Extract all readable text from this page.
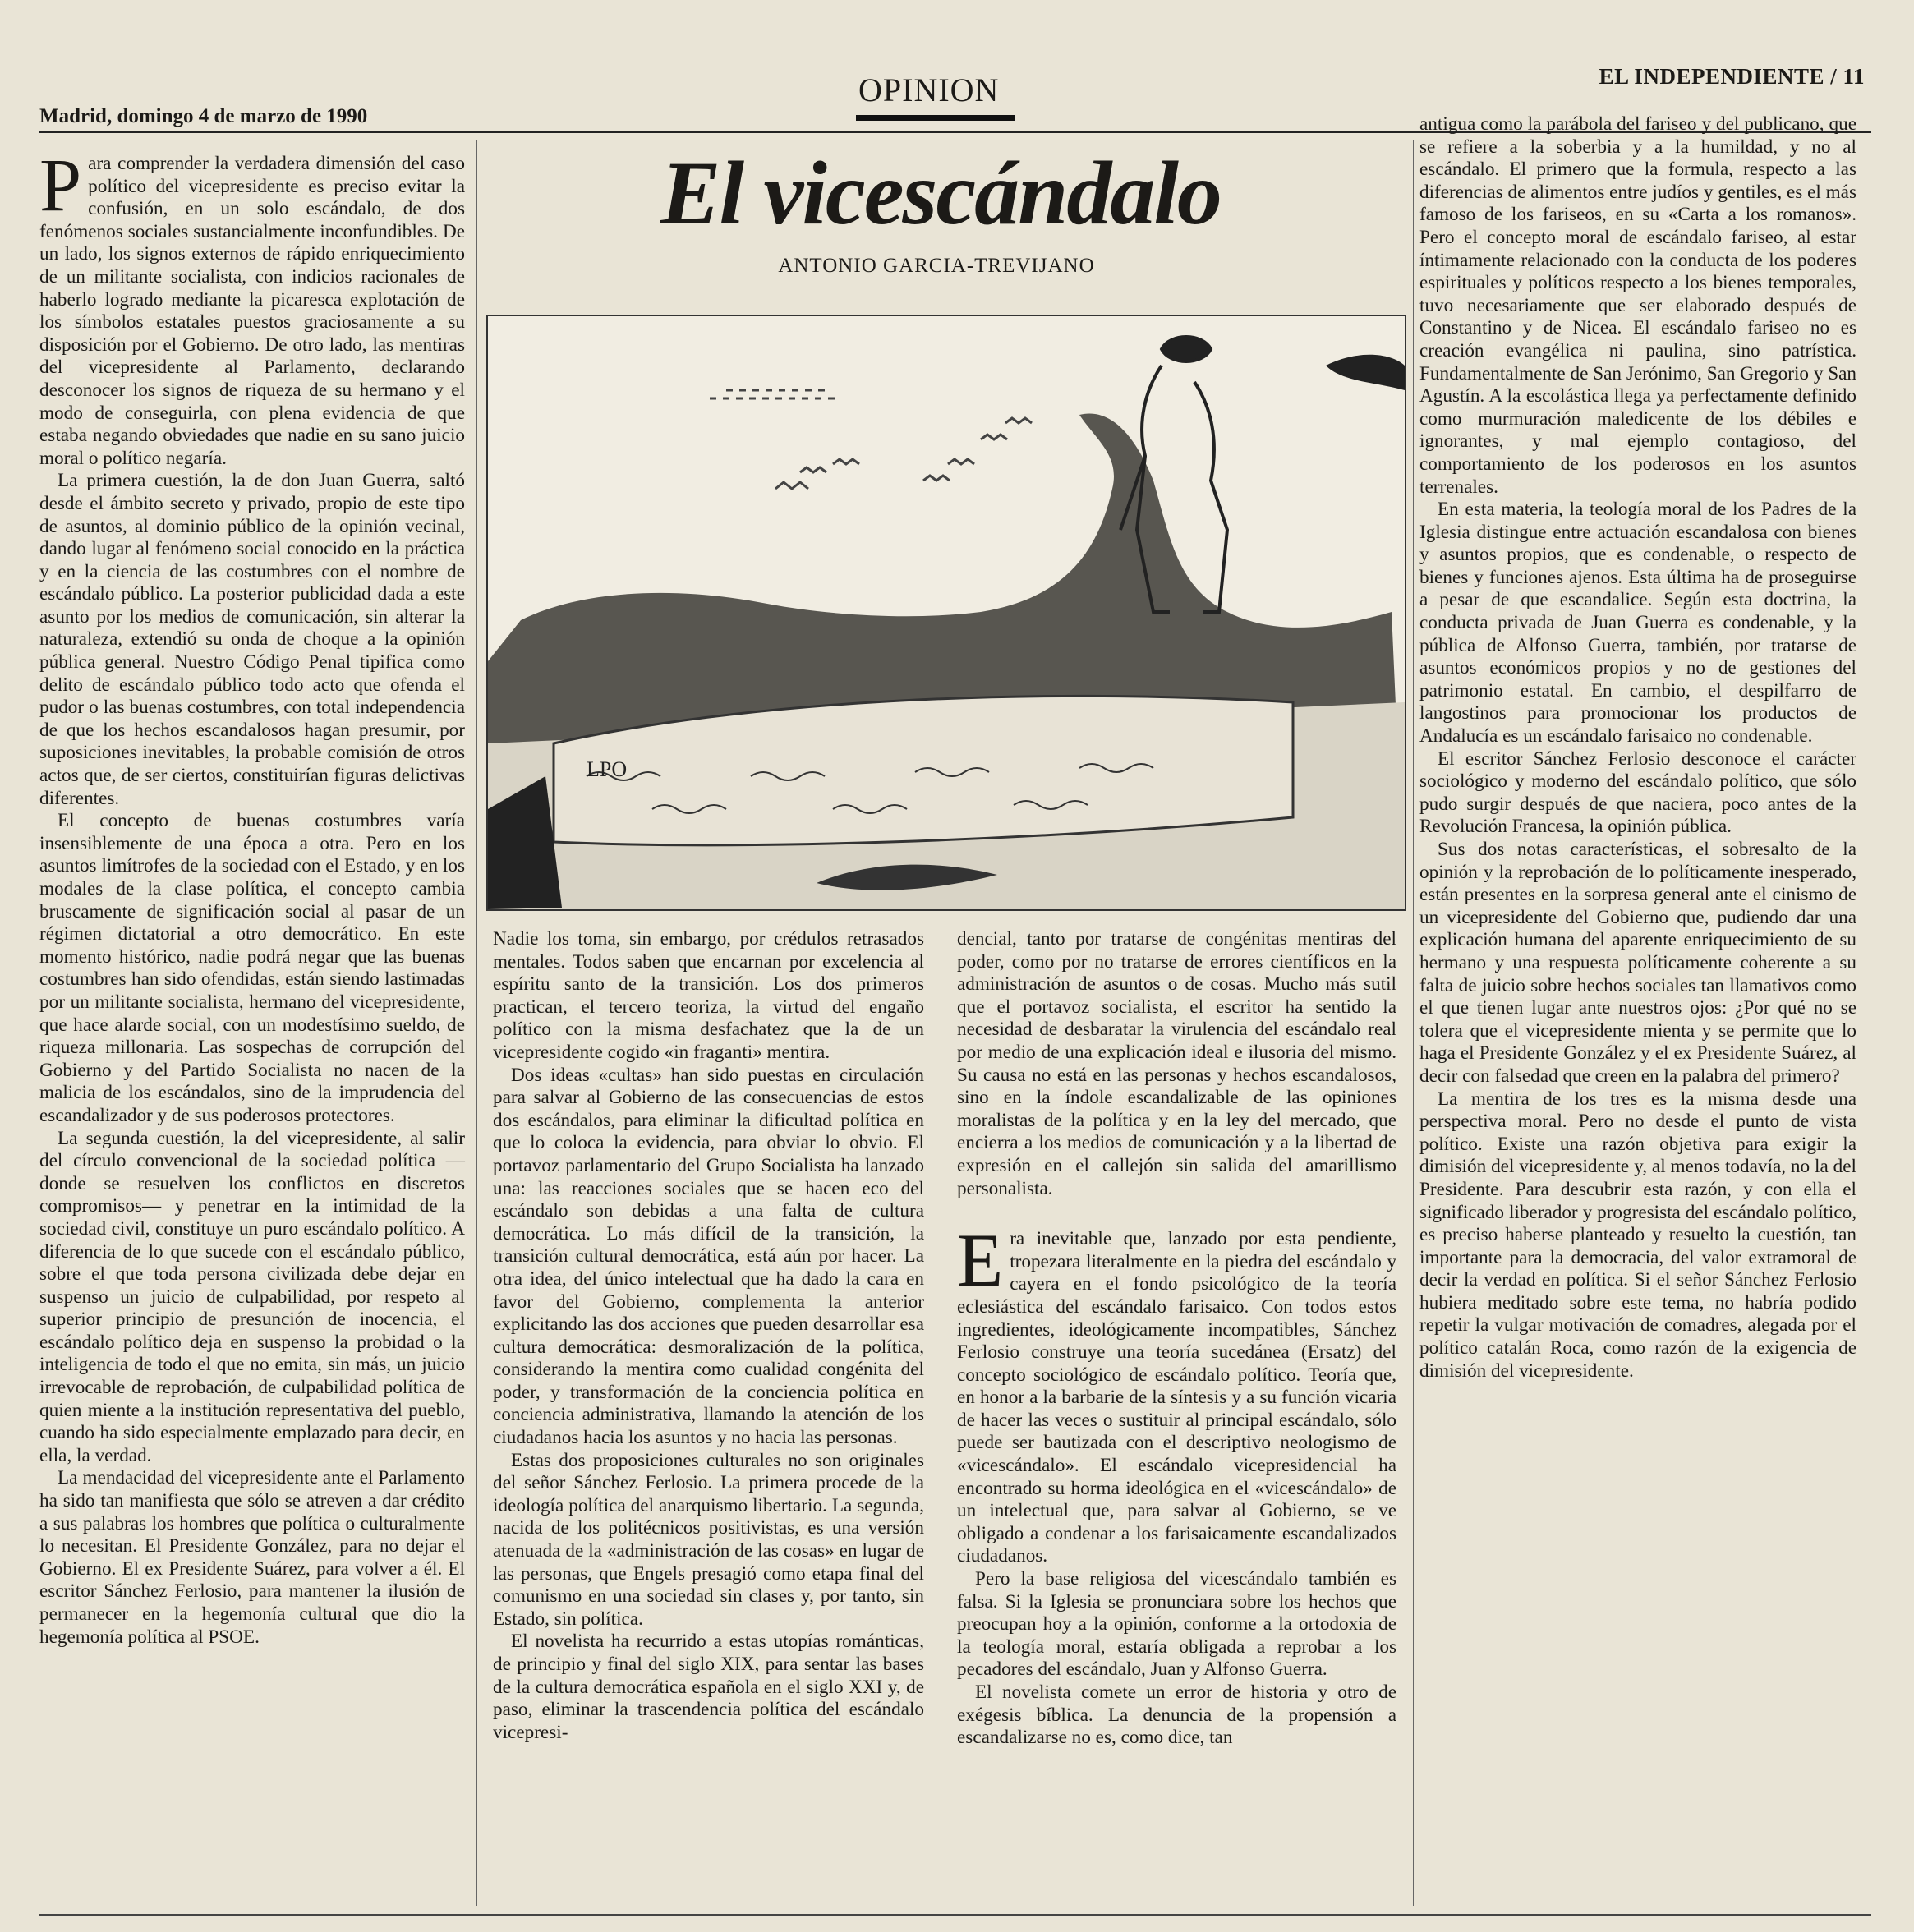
Madrid, domingo 4 de marzo de 1990
OPINION	EL INDEPENDIENTE / 11
El vicescándalo
ANTONIO GARCIA-TREVIJANO
LPO

Para comprender la verdadera dimensión del caso político del vicepresidente es preciso evitar la confusión, en un solo escándalo, de dos fenómenos sociales sustancialmente inconfundibles. De un lado, los signos externos de rápido enriquecimiento de un militante socialista, con indicios racionales de haberlo logrado mediante la picaresca explotación de los símbolos estatales puestos graciosamente a su disposición por el Gobierno. De otro lado, las mentiras del vicepresidente al Parlamento, declarando desconocer los signos de riqueza de su hermano y el modo de conseguirla, con plena evidencia de que estaba negando obviedades que nadie en su sano juicio moral o político negaría.

La primera cuestión, la de don Juan Guerra, saltó desde el ámbito secreto y privado, propio de este tipo de asuntos, al dominio público de la opinión vecinal, dando lugar al fenómeno social conocido en la práctica y en la ciencia de las costumbres con el nombre de escándalo público. La posterior publicidad dada a este asunto por los medios de comunicación, sin alterar la naturaleza, extendió su onda de choque a la opinión pública general. Nuestro Código Penal tipifica como delito de escándalo público todo acto que ofenda el pudor o las buenas costumbres, con total independencia de que los hechos escandalosos hagan presumir, por suposiciones inevitables, la probable comisión de otros actos que, de ser ciertos, constituirían figuras delictivas diferentes.

El concepto de buenas costumbres varía insensiblemente de una época a otra. Pero en los asuntos limítrofes de la sociedad con el Estado, y en los modales de la clase política, el concepto cambia bruscamente de significación social al pasar de un régimen dictatorial a otro democrático. En este momento histórico, nadie podrá negar que las buenas costumbres han sido ofendidas, están siendo lastimadas por un militante socialista, hermano del vicepresidente, que hace alarde social, con un modestísimo sueldo, de riqueza millonaria. Las sospechas de corrupción del Gobierno y del Partido Socialista no nacen de la malicia de los escándalos, sino de la imprudencia del escandalizador y de sus poderosos protectores.

La segunda cuestión, la del vicepresidente, al salir del círculo convencional de la sociedad política —donde se resuelven los conflictos en discretos compromisos— y penetrar en la intimidad de la sociedad civil, constituye un puro escándalo político. A diferencia de lo que sucede con el escándalo público, sobre el que toda persona civilizada debe dejar en suspenso un juicio de culpabilidad, por respeto al superior principio de presunción de inocencia, el escándalo político deja en suspenso la probidad o la inteligencia de todo el que no emita, sin más, un juicio irrevocable de reprobación, de culpabilidad política de quien miente a la institución representativa del pueblo, cuando ha sido especialmente emplazado para decir, en ella, la verdad.

La mendacidad del vicepresidente ante el Parlamento ha sido tan manifiesta que sólo se atreven a dar crédito a sus palabras los hombres que política o culturalmente lo necesitan. El Presidente González, para no dejar el Gobierno. El ex Presidente Suárez, para volver a él. El escritor Sánchez Ferlosio, para mantener la ilusión de permanecer en la hegemonía cultural que dio la hegemonía política al PSOE.

Nadie los toma, sin embargo, por crédulos retrasados mentales. Todos saben que encarnan por excelencia al espíritu santo de la transición. Los dos primeros practican, el tercero teoriza, la virtud del engaño político con la misma desfachatez que la de un vicepresidente cogido «in fraganti» mentira.

Dos ideas «cultas» han sido puestas en circulación para salvar al Gobierno de las consecuencias de estos dos escándalos, para eliminar la dificultad política en que lo coloca la evidencia, para obviar lo obvio. El portavoz parlamentario del Grupo Socialista ha lanzado una: las reacciones sociales que se hacen eco del escándalo son debidas a una falta de cultura democrática. Lo más difícil de la transición, la transición cultural democrática, está aún por hacer. La otra idea, del único intelectual que ha dado la cara en favor del Gobierno, complementa la anterior explicitando las dos acciones que pueden desarrollar esa cultura democrática: desmoralización de la política, considerando la mentira como cualidad congénita del poder, y transformación de la conciencia política en conciencia administrativa, llamando la atención de los ciudadanos hacia los asuntos y no hacia las personas.

Estas dos proposiciones culturales no son originales del señor Sánchez Ferlosio. La primera procede de la ideología política del anarquismo libertario. La segunda, nacida de los politécnicos positivistas, es una versión atenuada de la «administración de las cosas» en lugar de las personas, que Engels presagió como etapa final del comunismo en una sociedad sin clases y, por tanto, sin Estado, sin política.

El novelista ha recurrido a estas utopías románticas, de principio y final del siglo XIX, para sentar las bases de la cultura democrática española en el siglo XXI y, de paso, eliminar la trascendencia política del escándalo vicepresi-

dencial, tanto por tratarse de congénitas mentiras del poder, como por no tratarse de errores científicos en la administración de asuntos o de cosas. Mucho más sutil que el portavoz socialista, el escritor ha sentido la necesidad de desbaratar la virulencia del escándalo real por medio de una explicación ideal e ilusoria del mismo. Su causa no está en las personas y hechos escandalosos, sino en la índole escandalizable de las opiniones moralistas de la política y en la ley del mercado, que encierra a los medios de comunicación y a la libertad de expresión en el callejón sin salida del amarillismo personalista.

Era inevitable que, lanzado por esta pendiente, tropezara literalmente en la piedra del escándalo y cayera en el fondo psicológico de la teoría eclesiástica del escándalo farisaico. Con todos estos ingredientes, ideológicamente incompatibles, Sánchez Ferlosio construye una teoría sucedánea (Ersatz) del concepto sociológico de escándalo político. Teoría que, en honor a la barbarie de la síntesis y a su función vicaria de hacer las veces o sustituir al principal escándalo, sólo puede ser bautizada con el descriptivo neologismo de «vicescándalo». El escándalo vicepresidencial ha encontrado su horma ideológica en el «vicescándalo» de un intelectual que, para salvar al Gobierno, se ve obligado a condenar a los farisaicamente escandalizados ciudadanos.

Pero la base religiosa del vicescándalo también es falsa. Si la Iglesia se pronunciara sobre los hechos que preocupan hoy a la opinión, conforme a la ortodoxia de la teología moral, estaría obligada a reprobar a los pecadores del escándalo, Juan y Alfonso Guerra.

El novelista comete un error de historia y otro de exégesis bíblica. La denuncia de la propensión a escandalizarse no es, como dice, tan

antigua como la parábola del fariseo y del publicano, que se refiere a la soberbia y a la humildad, y no al escándalo. El primero que la formula, respecto a las diferencias de alimentos entre judíos y gentiles, es el más famoso de los fariseos, en su «Carta a los romanos». Pero el concepto moral de escándalo fariseo, al estar íntimamente relacionado con la conducta de los poderes espirituales y políticos respecto a los bienes temporales, tuvo necesariamente que ser elaborado después de Constantino y de Nicea. El escándalo fariseo no es creación evangélica ni paulina, sino patrística. Fundamentalmente de San Jerónimo, San Gregorio y San Agustín. A la escolástica llega ya perfectamente definido como murmuración maledicente de los débiles e ignorantes, y mal ejemplo contagioso, del comportamiento de los poderosos en los asuntos terrenales.

En esta materia, la teología moral de los Padres de la Iglesia distingue entre actuación escandalosa con bienes y asuntos propios, que es condenable, o respecto de bienes y funciones ajenos. Esta última ha de proseguirse a pesar de que escandalice. Según esta doctrina, la conducta privada de Juan Guerra es condenable, y la pública de Alfonso Guerra, también, por tratarse de asuntos económicos propios y no de gestiones del patrimonio estatal. En cambio, el despilfarro de langostinos para promocionar los productos de Andalucía es un escándalo farisaico no condenable.

El escritor Sánchez Ferlosio desconoce el carácter sociológico y moderno del escándalo político, que sólo pudo surgir después de que naciera, poco antes de la Revolución Francesa, la opinión pública.

Sus dos notas características, el sobresalto de la opinión y la reprobación de lo políticamente inesperado, están presentes en la sorpresa general ante el cinismo de un vicepresidente del Gobierno que, pudiendo dar una explicación humana del aparente enriquecimiento de su hermano y una respuesta políticamente coherente a su falta de juicio sobre hechos sociales tan llamativos como el que tienen lugar ante nuestros ojos: ¿Por qué no se tolera que el vicepresidente mienta y se permite que lo haga el Presidente González y el ex Presidente Suárez, al decir con falsedad que creen en la palabra del primero?

La mentira de los tres es la misma desde una perspectiva moral. Pero no desde el punto de vista político. Existe una razón objetiva para exigir la dimisión del vicepresidente y, al menos todavía, no la del Presidente. Para descubrir esta razón, y con ella el significado liberador y progresista del escándalo político, es preciso haberse planteado y resuelto la cuestión, tan importante para la democracia, del valor extramoral de decir la verdad en política. Si el señor Sánchez Ferlosio hubiera meditado sobre este tema, no habría podido repetir la vulgar motivación de comadres, alegada por el político catalán Roca, como razón de la exigencia de dimisión del vicepresidente.
